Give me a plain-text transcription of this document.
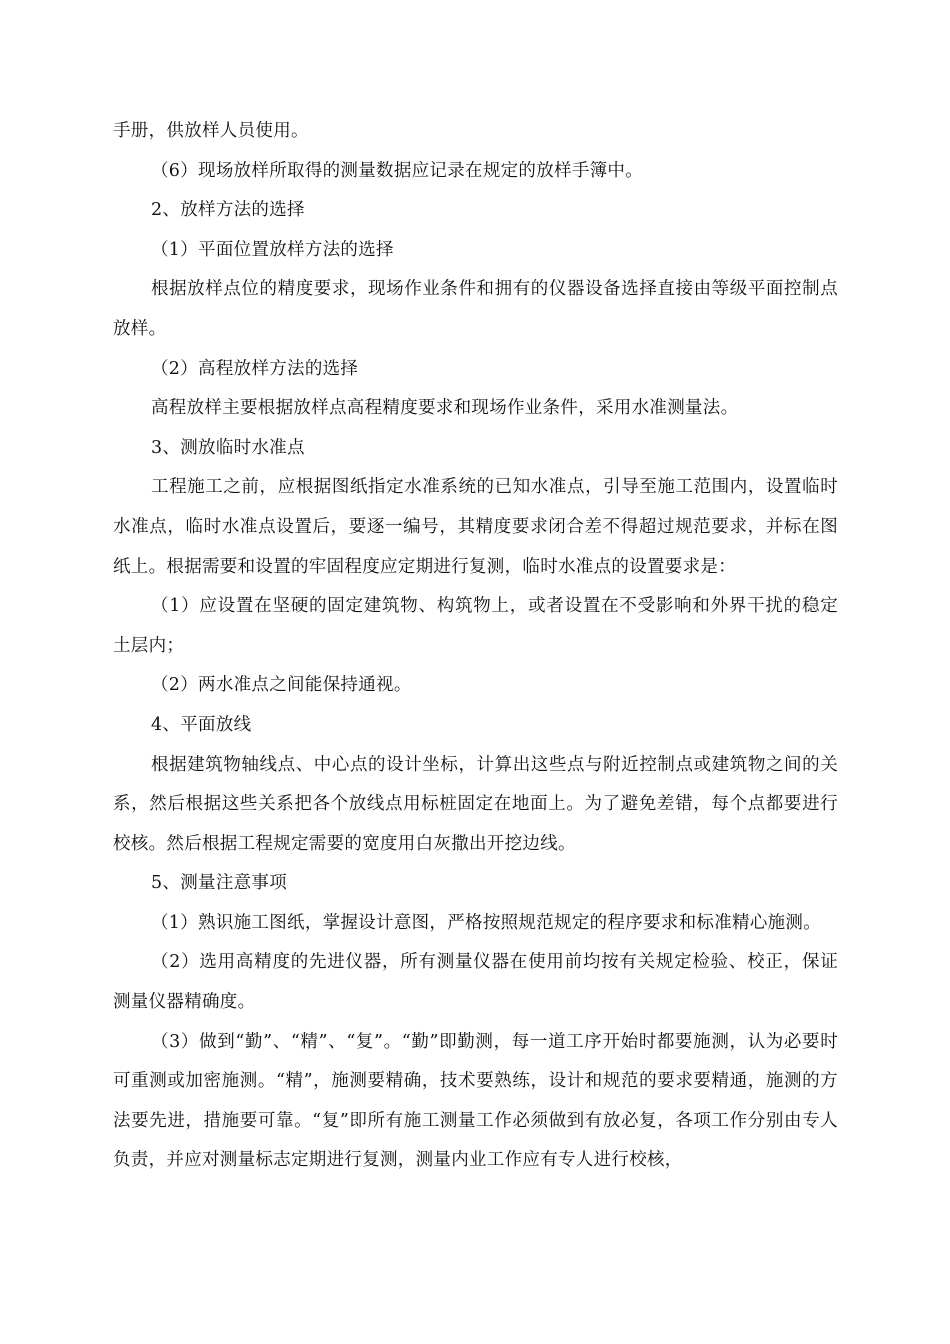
手册，供放样人员使用。

（6）现场放样所取得的测量数据应记录在规定的放样手簿中。

2、放样方法的选择

（1）平面位置放样方法的选择

根据放样点位的精度要求，现场作业条件和拥有的仪器设备选择直接由等级平面控制点放样。

（2）高程放样方法的选择

高程放样主要根据放样点高程精度要求和现场作业条件，采用水准测量法。

3、测放临时水准点

工程施工之前，应根据图纸指定水准系统的已知水准点，引导至施工范围内，设置临时水准点，临时水准点设置后，要逐一编号，其精度要求闭合差不得超过规范要求，并标在图纸上。根据需要和设置的牢固程度应定期进行复测，临时水准点的设置要求是：

（1）应设置在坚硬的固定建筑物、构筑物上，或者设置在不受影响和外界干扰的稳定土层内；

（2）两水准点之间能保持通视。

4、平面放线

根据建筑物轴线点、中心点的设计坐标，计算出这些点与附近控制点或建筑物之间的关系，然后根据这些关系把各个放线点用标桩固定在地面上。为了避免差错，每个点都要进行校核。然后根据工程规定需要的宽度用白灰撒出开挖边线。

5、测量注意事项

（1）熟识施工图纸，掌握设计意图，严格按照规范规定的程序要求和标准精心施测。

（2）选用高精度的先进仪器，所有测量仪器在使用前均按有关规定检验、校正，保证测量仪器精确度。

（3）做到“勤”、“精”、“复”。“勤”即勤测，每一道工序开始时都要施测，认为必要时可重测或加密施测。“精”，施测要精确，技术要熟练，设计和规范的要求要精通，施测的方法要先进，措施要可靠。“复”即所有施工测量工作必须做到有放必复，各项工作分别由专人负责，并应对测量标志定期进行复测，测量内业工作应有专人进行校核，
